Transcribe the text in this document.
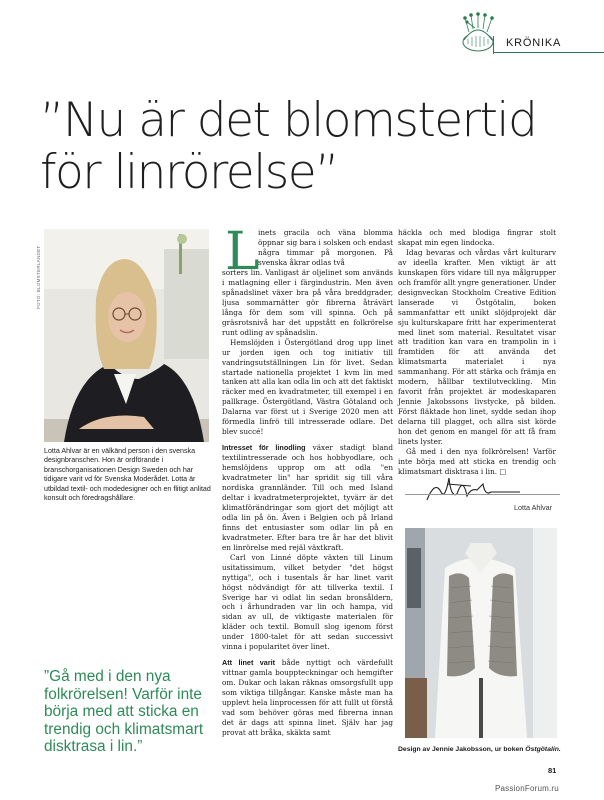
KRÖNIKA
”Nu är det blomstertid för linrörelse”
FOTO: BLOMSTERLANDET
Lotta Ahlvar är en välkänd person i den svenska designbranschen. Hon är ordförande i branschorganisationen Design Sweden och har tidigare varit vd för Svenska Moderådet. Lotta är utbildad textil- och modedesigner och en flitigt anlitad konsult och föredragshållare.
”Gå med i den nya folkrörelsen! Varför inte börja med att sticka en trendig och klimatsmart disktrasa i lin.”
L
inets gracila och väna blomma öppnar sig bara i solsken och endast några timmar på morgonen. På svenska åkrar odlas två

sorters lin. Vanligast är oljelinet som används i matlagning eller i färgindustrin. Men även spånadslinet växer bra på våra breddgrader, ljusa sommarnätter gör fibrerna åtrávärt långa för dem som vill spinna. Och på gräsrotsnivå har det uppstått en folkrörelse runt odling av spånadslin.

Hemslöjden i Östergötland drog upp linet ur jorden igen och tog initiativ till vandringsutställningen Lin för livet. Sedan startade nationella projektet 1 kvm lin med tanken att alla kan odla lin och att det faktiskt räcker med en kvadratmeter, till exempel i en pallkrage. Östergötland, Västra Götaland och Dalarna var först ut i Sverige 2020 men att förmedla linfrö till intresserade odlare. Det blev succé!

Intresset för linodling växer stadigt bland textilintresserade och hos hobbyodlare, och hemslöjdens upprop om att odla "en kvadratmeter lin" har spridit sig till våra nordiska grannländer. Till och med Island deltar i kvadratmeterprojektet, tyvärr är det klimatförändringar som gjort det möjligt att odla lin på ön. Även i Belgien och på Irland finns det entusiaster som odlar lin på en kvadratmeter. Efter bara tre år har det blivit en linrörelse med rejäl växtkraft.

Carl von Linné döpte växten till Linum usitatissimum, vilket betyder "det högst nyttiga", och i tusentals år har linet varit högst nödvändigt för att tillverka textil. I Sverige har vi odlat lin sedan bronsåldern, och i århundraden var lin och hampa, vid sidan av ull, de viktigaste materialen för kläder och textil. Bomull slog igenom först under 1800-talet för att sedan successivt vinna i popularitet över linet.

Att linet varit både nyttigt och värdefullt vittnar gamla bouppteckningar och hemgifter om. Dukar och lakan räknas omsorgsfullt upp som viktiga tillgångar. Kanske måste man ha upplevt hela linprocessen för att fullt ut förstå vad som behöver göras med fibrerna innan det är dags att spinna linet. Själv har jag provat att bråka, skäkta samt

häckla och med blodiga fingrar stolt skapat min egen lindocka.

Idag bevaras och vårdas vårt kulturarv av ideella krafter. Men viktigt är att kunskapen förs vidare till nya målgrupper och framför allt yngre generationer. Under designveckan Stockholm Creative Edition lanserade vi Östgötalin, boken sammanfattar ett unikt slöjdprojekt där sju kulturskapare fritt har experimenterat med linet som material. Resultatet visar att tradition kan vara en trampolin in i framtiden för att använda det klimatsmarta materialet i nya sammanhang. För att stärka och främja en modern, hållbar textilutveckling. Min favorit från projektet är modeskaparen Jennie Jakobssons livstycke, på bilden. Först fläktade hon linet, sydde sedan ihop delarna till plagget, och allra sist körde hon det genom en mangel för att få fram linets lyster.

Gå med i den nya folkrörelsen! Varför inte börja med att sticka en trendig och klimatsmart disktrasa i lin. □

Lotta Ahlvar
Design av Jennie Jakobsson, ur boken Östgötalin.
81
PassionForum.ru
